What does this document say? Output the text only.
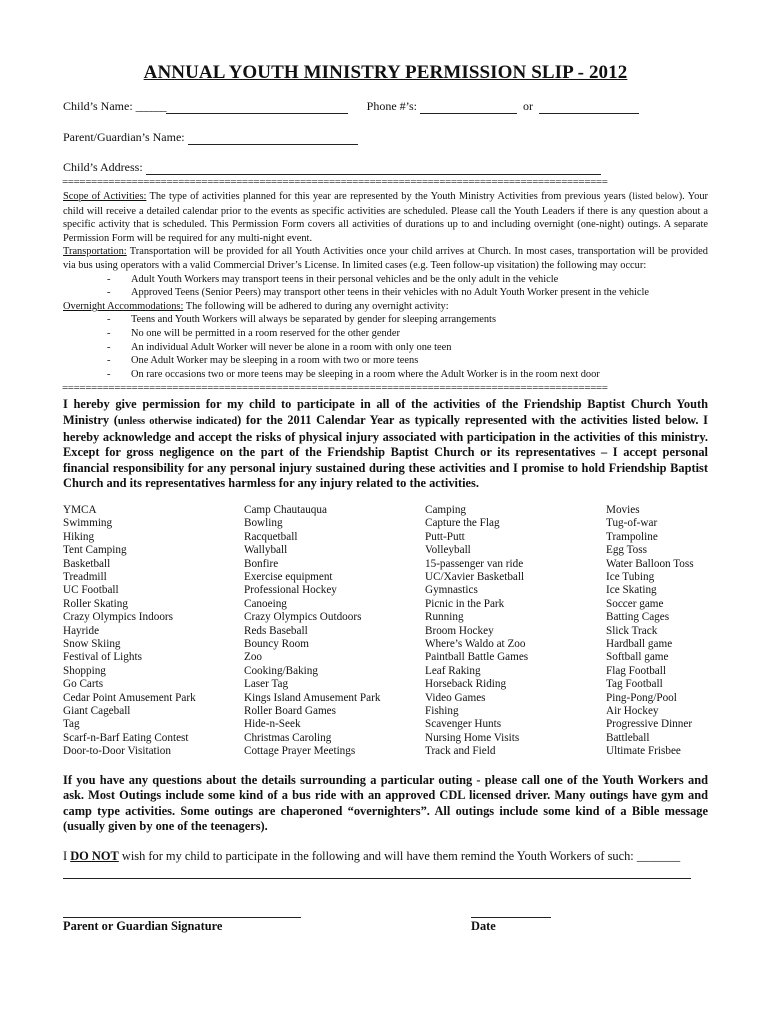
ANNUAL YOUTH MINISTRY PERMISSION SLIP - 2012
Child’s Name: ______	Phone #’s:	or
Parent/Guardian’s Name:
Child’s Address:
==============================================================================================
Scope of Activities: The type of activities planned for this year are represented by the Youth Ministry Activities from previous years (listed below). Your child will receive a detailed calendar prior to the events as specific activities are scheduled. Please call the Youth Leaders if there is any question about a specific activity that is scheduled. This Permission Form covers all activities of durations up to and including overnight (one-night) outings. A separate Permission Form will be required for any multi-night event.
Transportation: Transportation will be provided for all Youth Activities once your child arrives at Church. In most cases, transportation will be provided via bus using operators with a valid Commercial Driver’s License. In limited cases (e.g. Teen follow-up visitation) the following may occur:
- Adult Youth Workers may transport teens in their personal vehicles and be the only adult in the vehicle
- Approved Teens (Senior Peers) may transport other teens in their vehicles with no Adult Youth Worker present in the vehicle
Overnight Accommodations: The following will be adhered to during any overnight activity:
- Teens and Youth Workers will always be separated by gender for sleeping arrangements
- No one will be permitted in a room reserved for the other gender
- An individual Adult Worker will never be alone in a room with only one teen
- One Adult Worker may be sleeping in a room with two or more teens
- On rare occasions two or more teens may be sleeping in a room where the Adult Worker is in the room next door
==============================================================================================
I hereby give permission for my child to participate in all of the activities of the Friendship Baptist Church Youth Ministry (unless otherwise indicated) for the 2011 Calendar Year as typically represented with the activities listed below. I hereby acknowledge and accept the risks of physical injury associated with participation in the activities of this ministry. Except for gross negligence on the part of the Friendship Baptist Church or its representatives – I accept personal financial responsibility for any personal injury sustained during these activities and I promise to hold Friendship Baptist Church and its representatives harmless for any injury related to the activities.
YMCA
Swimming
Hiking
Tent Camping
Basketball
Treadmill
UC Football
Roller Skating
Crazy Olympics Indoors
Hayride
Snow Skiing
Festival of Lights
Shopping
Go Carts
Cedar Point Amusement Park
Giant Cageball
Tag
Scarf-n-Barf Eating Contest
Door-to-Door Visitation
Camp Chautauqua
Bowling
Racquetball
Wallyball
Bonfire
Exercise equipment
Professional Hockey
Canoeing
Crazy Olympics Outdoors
Reds Baseball
Bouncy Room
Zoo
Cooking/Baking
Laser Tag
Kings Island Amusement Park
Roller Board Games
Hide-n-Seek
Christmas Caroling
Cottage Prayer Meetings
Camping
Capture the Flag
Putt-Putt
Volleyball
15-passenger van ride
UC/Xavier Basketball
Gymnastics
Picnic in the Park
Running
Broom Hockey
Where’s Waldo at Zoo
Paintball Battle Games
Leaf Raking
Horseback Riding
Video Games
Fishing
Scavenger Hunts
Nursing Home Visits
Track and Field
Movies
Tug-of-war
Trampoline
Egg Toss
Water Balloon Toss
Ice Tubing
Ice Skating
Soccer game
Batting Cages
Slick Track
Hardball game
Softball game
Flag Football
Tag Football
Ping-Pong/Pool
Air Hockey
Progressive Dinner
Battleball
Ultimate Frisbee
If you have any questions about the details surrounding a particular outing - please call one of the Youth Workers and ask. Most Outings include some kind of a bus ride with an approved CDL licensed driver. Many outings have gym and camp type activities. Some outings are chaperoned “overnighters”. All outings include some kind of a Bible message (usually given by one of the teenagers).
I DO NOT wish for my child to participate in the following and will have them remind the Youth Workers of such: _______
Parent or Guardian Signature	Date
